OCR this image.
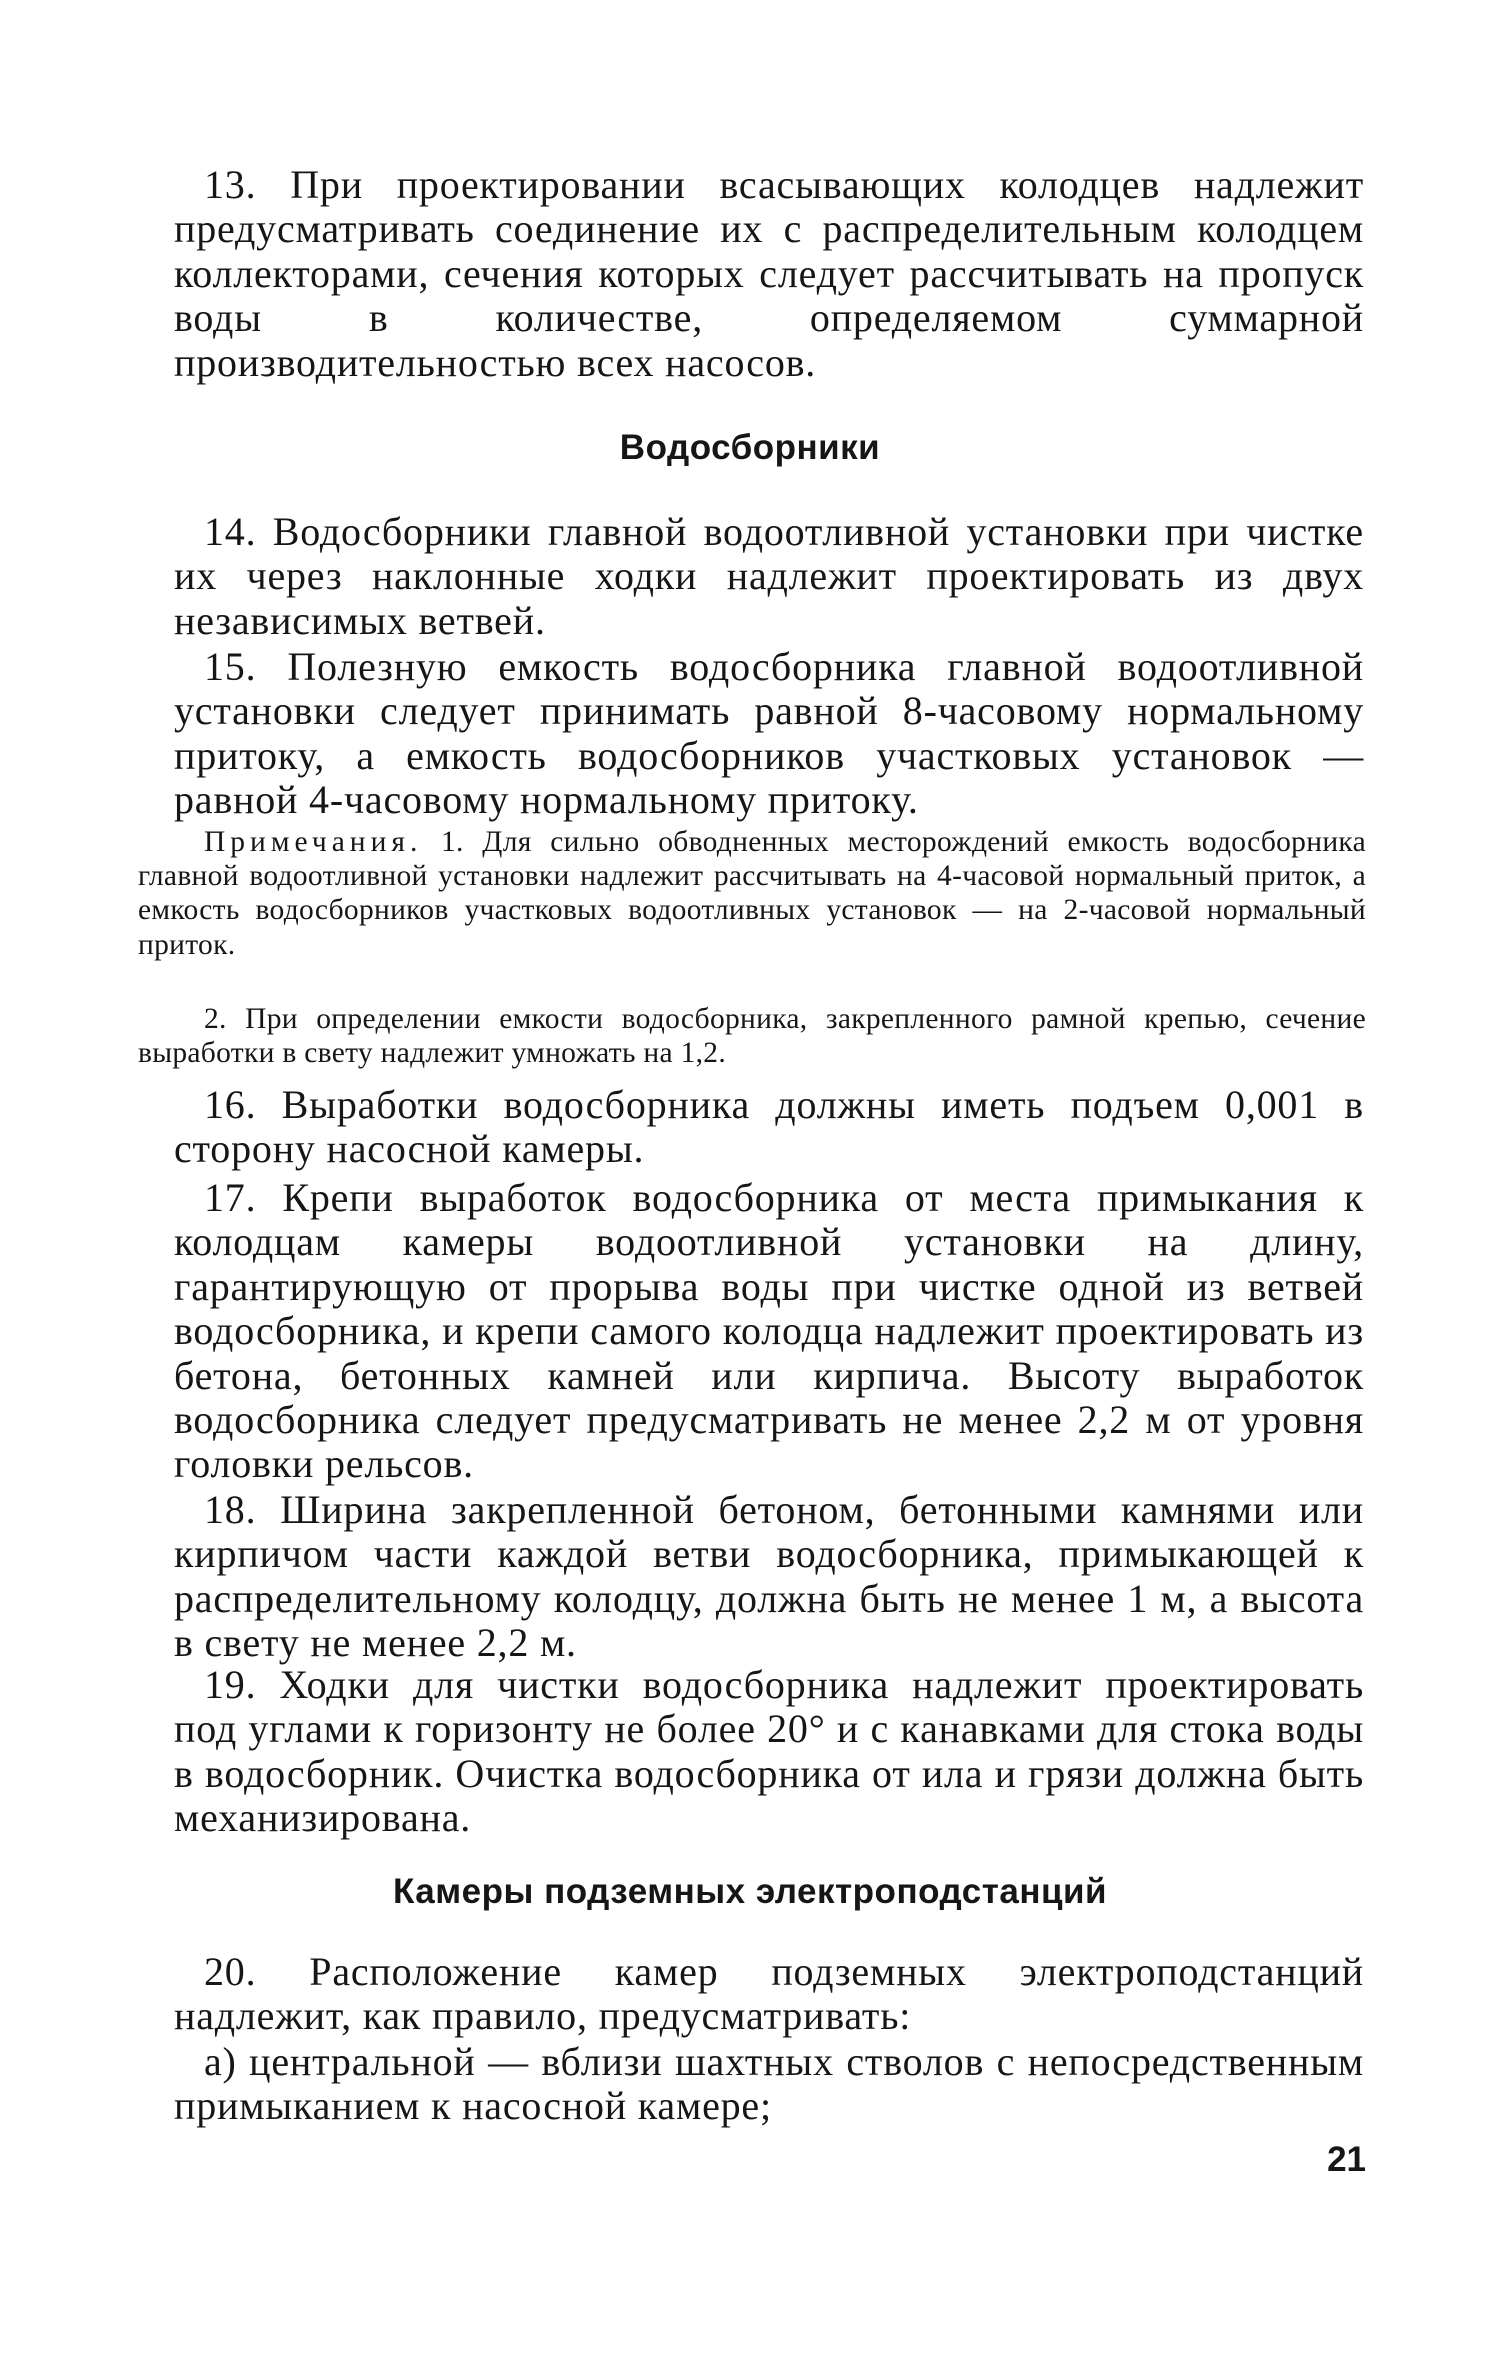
13. При проектировании всасывающих колодцев надлежит предусматривать соединение их с распределительным колодцем коллекторами, сечения которых следует рассчитывать на пропуск воды в количестве, определяемом суммарной производительностью всех насосов.

Водосборники

14. Водосборники главной водоотливной установки при чистке их через наклонные ходки надлежит проектировать из двух независимых ветвей.

15. Полезную емкость водосборника главной водоотливной установки следует принимать равной 8-часовому нормальному притоку, а емкость водосборников участковых установок — равной 4-часовому нормальному притоку.

Примечания. 1. Для сильно обводненных месторождений емкость водосборника главной водоотливной установки надлежит рассчитывать на 4-часовой нормальный приток, а емкость водосборников участковых водоотливных установок — на 2-часовой нормальный приток.

2. При определении емкости водосборника, закрепленного рамной крепью, сечение выработки в свету надлежит умножать на 1,2.

16. Выработки водосборника должны иметь подъем 0,001 в сторону насосной камеры.

17. Крепи выработок водосборника от места примыкания к колодцам камеры водоотливной установки на длину, гарантирующую от прорыва воды при чистке одной из ветвей водосборника, и крепи самого колодца надлежит проектировать из бетона, бетонных камней или кирпича. Высоту выработок водосборника следует предусматривать не менее 2,2 м от уровня головки рельсов.

18. Ширина закрепленной бетоном, бетонными камнями или кирпичом части каждой ветви водосборника, примыкающей к распределительному колодцу, должна быть не менее 1 м, а высота в свету не менее 2,2 м.

19. Ходки для чистки водосборника надлежит проектировать под углами к горизонту не более 20° и с канавками для стока воды в водосборник. Очистка водосборника от ила и грязи должна быть механизирована.

Камеры подземных электроподстанций

20. Расположение камер подземных электроподстанций надлежит, как правило, предусматривать:

а) центральной — вблизи шахтных стволов с непосредственным примыканием к насосной камере;

21
